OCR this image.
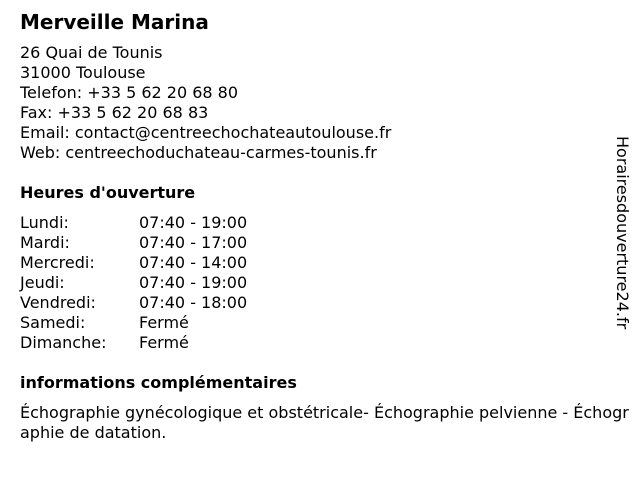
Merveille Marina
26 Quai de Tounis
31000 Toulouse
Telefon: +33 5 62 20 68 80
Fax: +33 5 62 20 68 83
Email: contact@centreechochateautoulouse.fr
Web: centreechoduchateau-carmes-tounis.fr
Heures d'ouverture
Lundi:	07:40 - 19:00
Mardi:	07:40 - 17:00
Mercredi:	07:40 - 14:00
Jeudi:	07:40 - 19:00
Vendredi:	07:40 - 18:00
Samedi:	Fermé
Dimanche:	Fermé
informations complémentaires
Échographie gynécologique et obstétricale- Échographie pelvienne - Échographie de datation.
Horairesdouverture24.fr
